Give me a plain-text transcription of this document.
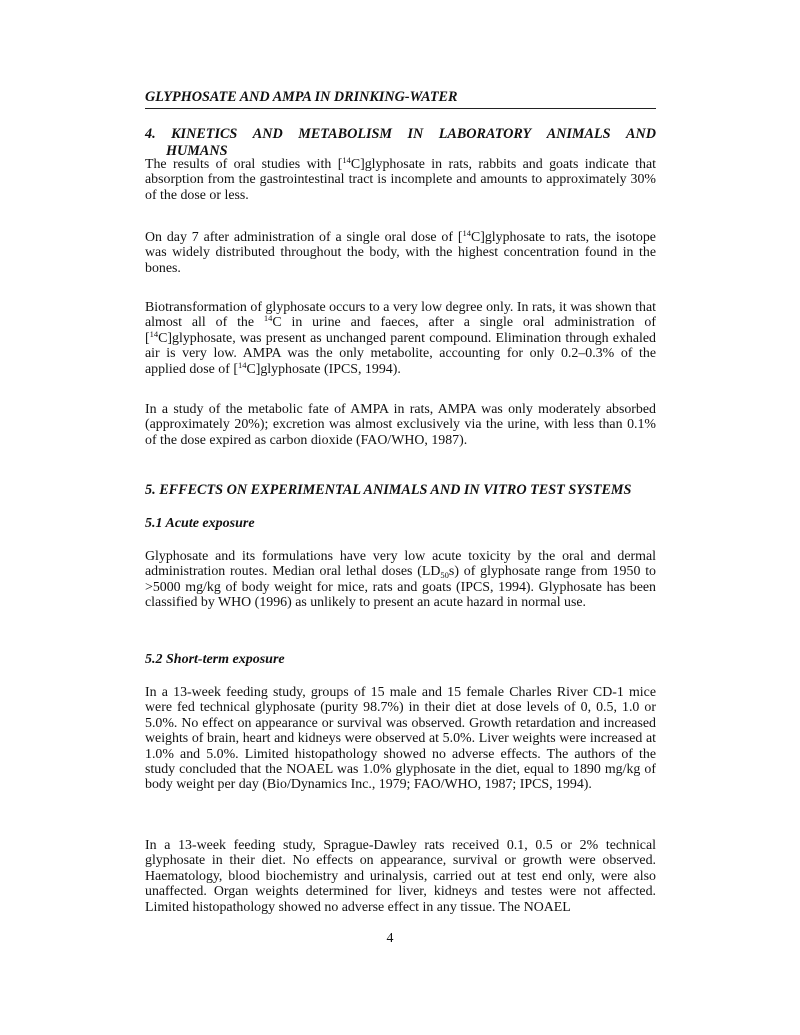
GLYPHOSATE AND AMPA IN DRINKING-WATER
4. KINETICS AND METABOLISM IN LABORATORY ANIMALS AND
HUMANS

The results of oral studies with [$^{14}$C]glyphosate in rats, rabbits and goats indicate that absorption from the gastrointestinal tract is incomplete and amounts to approximately 30% of the dose or less.

On day 7 after administration of a single oral dose of [$^{14}$C]glyphosate to rats, the isotope was widely distributed throughout the body, with the highest concentration found in the bones.

Biotransformation of glyphosate occurs to a very low degree only. In rats, it was shown that almost all of the $^{14}$C in urine and faeces, after a single oral administration of [$^{14}$C]glyphosate, was present as unchanged parent compound. Elimination through exhaled air is very low. AMPA was the only metabolite, accounting for only 0.2–0.3% of the applied dose of [$^{14}$C]glyphosate (IPCS, 1994).

In a study of the metabolic fate of AMPA in rats, AMPA was only moderately absorbed (approximately 20%); excretion was almost exclusively via the urine, with less than 0.1% of the dose expired as carbon dioxide (FAO/WHO, 1987).

5. EFFECTS ON EXPERIMENTAL ANIMALS AND IN VITRO TEST SYSTEMS
5.1 Acute exposure

Glyphosate and its formulations have very low acute toxicity by the oral and dermal administration routes. Median oral lethal doses $(LD_{50}s)$ of glyphosate range from 1950 to >5000 mg/kg of body weight for mice, rats and goats (IPCS, 1994). Glyphosate has been classified by WHO (1996) as unlikely to present an acute hazard in normal use.

5.2 Short-term exposure

In a 13-week feeding study, groups of 15 male and 15 female Charles River CD-1 mice were fed technical glyphosate (purity 98.7%) in their diet at dose levels of 0, 0.5, 1.0 or 5.0%. No effect on appearance or survival was observed. Growth retardation and increased weights of brain, heart and kidneys were observed at 5.0%. Liver weights were increased at 1.0% and 5.0%. Limited histopathology showed no adverse effects. The authors of the study concluded that the NOAEL was 1.0% glyphosate in the diet, equal to 1890 mg/kg of body weight per day (Bio/Dynamics Inc., 1979; FAO/WHO, 1987; IPCS, 1994).

In a 13-week feeding study, Sprague-Dawley rats received 0.1, 0.5 or 2% technical glyphosate in their diet. No effects on appearance, survival or growth were observed. Haematology, blood biochemistry and urinalysis, carried out at test end only, were also unaffected. Organ weights determined for liver, kidneys and testes were not affected. Limited histopathology showed no adverse effect in any tissue. The NOAEL

4
